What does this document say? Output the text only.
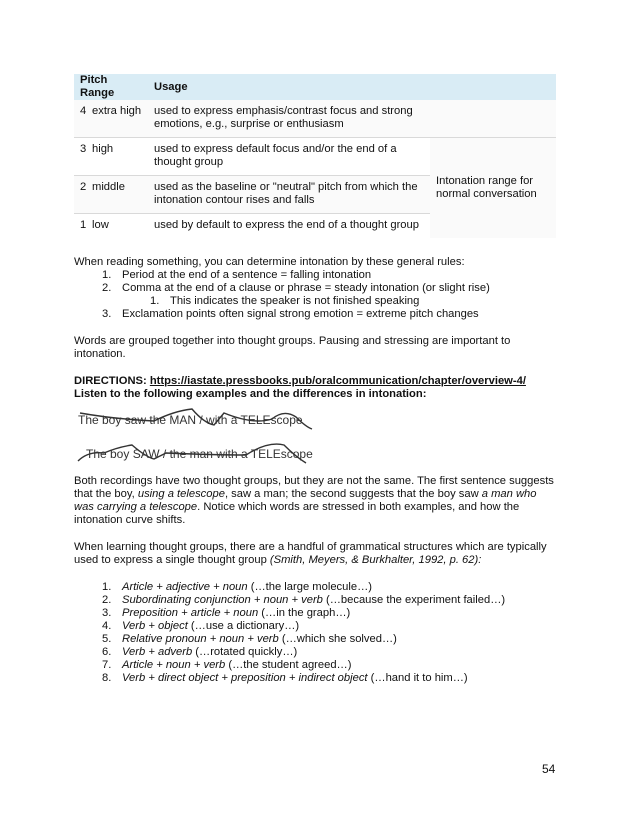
Pitch Range		Usage	
4	extra high	used to express emphasis/contrast focus and strong emotions, e.g., surprise or enthusiasm	
3	high	used to express default focus and/or the end of a thought group	Intonation range for normal conversation
2	middle	used as the baseline or "neutral" pitch from which the intonation contour rises and falls	
1	low	used by default to express the end of a thought group	

When reading something, you can determine intonation by these general rules:

1. Period at the end of a sentence = falling intonation
2. Comma at the end of a clause or phrase = steady intonation (or slight rise)
1. This indicates the speaker is not finished speaking
3. Exclamation points often signal strong emotion = extreme pitch changes

Words are grouped together into thought groups. Pausing and stressing are important to intonation.

DIRECTIONS: https://iastate.pressbooks.pub/oralcommunication/chapter/overview-4/

Listen to the following examples and the differences in intonation:

The boy saw the MAN / with a TELEscope
The boy SAW / the man with a TELEscope

Both recordings have two thought groups, but they are not the same. The first sentence suggests that the boy, using a telescope, saw a man; the second suggests that the boy saw a man who was carrying a telescope. Notice which words are stressed in both examples, and how the intonation curve shifts.

When learning thought groups, there are a handful of grammatical structures which are typically used to express a single thought group (Smith, Meyers, & Burkhalter, 1992, p. 62):

1. Article + adjective + noun (…the large molecule…)
2. Subordinating conjunction + noun + verb (…because the experiment failed…)
3. Preposition + article + noun (…in the graph…)
4. Verb + object (…use a dictionary…)
5. Relative pronoun + noun + verb (…which she solved…)
6. Verb + adverb (…rotated quickly…)
7. Article + noun + verb (…the student agreed…)
8. Verb + direct object + preposition + indirect object (…hand it to him…)
54
